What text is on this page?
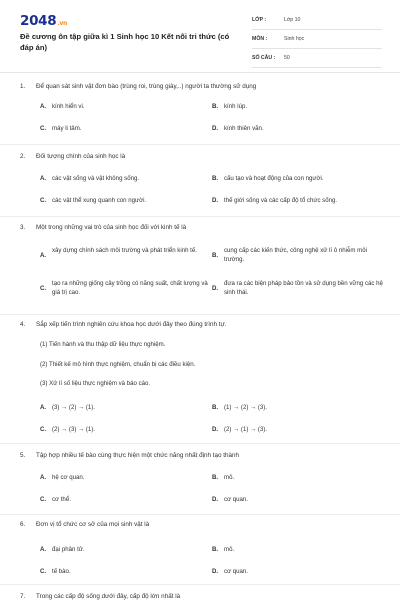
2048.vn
Đề cương ôn tập giữa kì 1 Sinh học 10 Kết nối tri thức (có đáp án)
LỚP :	Lớp 10
MÔN :	Sinh học
SỐ CÂU : 50
1. Để quan sát sinh vật đơn bào (trùng roi, trùng giày,..) người ta thường sử dụng
A. kính hiển vi.	B. kính lúp.
C. máy li tâm.	D. kính thiên văn.
2. Đối tượng chính của sinh học là
A. các vật sống và vật không sống.	B. cấu tạo và hoạt động của con người.
C. các vật thể xung quanh con người.	D. thế giới sống và các cấp độ tổ chức sống.
3. Một trong những vai trò của sinh học đối với kinh tế là
A.
xây dựng chính sách môi trường và phát triển kinh tế.
B.
cung cấp các kiến thức, công nghệ xử lí ô nhiễm môi trường.
C.
tạo ra những giống cây trồng có năng suất, chất lượng và giá trị cao.
D.
đưa ra các biện pháp bảo tồn và sử dụng bền vững các hệ sinh thái.
4. Sắp xếp tiến trình nghiên cứu khoa học dưới đây theo đúng trình tự.
(1) Tiến hành và thu thập dữ liệu thực nghiệm.
(2) Thiết kế mô hình thực nghiệm, chuẩn bị các điều kiện.
(3) Xử lí số liệu thực nghiệm và báo cáo.
A. (3) → (2) → (1).	B. (1) → (2) → (3).
C. (2) → (3) → (1).	D. (2) → (1) → (3).
5. Tập hợp nhiều tế bào cùng thực hiện một chức năng nhất định tạo thành
A. hệ cơ quan.	B. mô.
C. cơ thể.	D. cơ quan.
6. Đơn vị tổ chức cơ sở của mọi sinh vật là
A. đại phân tử.	B. mô.
C. tế bào.	D. cơ quan.
7. Trong các cấp độ sống dưới đây, cấp độ lớn nhất là
